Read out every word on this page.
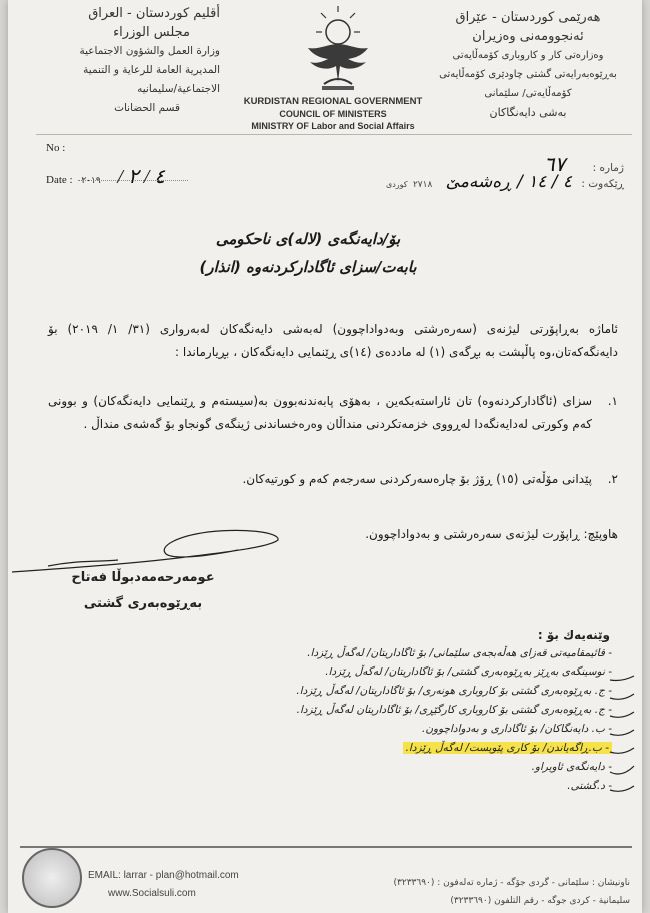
هەرێمی کوردستان - عێراق
ئەنجوومەنی وەزیران
وەزارەتی کار و کاروباری کۆمەڵایەتی
بەڕێوەبەرایەتی گشتی چاودێری کۆمەڵایەتی
کۆمەڵایەتی/ سلێمانی
بەشی دایەنگاکان
أقليم كوردستان - العراق
مجلس الوزراء
وزارة العمل والشؤون الاجتماعية
المديرية العامة للرعاية و التنمية
الاجتماعية/سليمانيه
قسم الحضانات
KURDISTAN REGIONAL GOVERNMENT
COUNCIL OF MINISTERS
MINISTRY OF Labor and Social Affairs
No :
Date : ٤ / ٢ / ٢٠١٩
ژمارە : ٦٧
ڕێکەوت : ٤ / ١٤ / ڕەشەمێ ٢٧١٨ کوردی
بۆ/دایەنگەی (لالە)ی ناحکومی
بابەت/سزای ئاگادارکردنەوە (انذار)
ئاماژە بەڕاپۆرتی لیژنەی (سەرەرشتی وبەدواداچوون) لەبەشی دایەنگەکان لەبەرواری (٣١/ ١/ ٢٠١٩) بۆ دایەنگەکەتان،وە پاڵپشت بە بڕگەی (١) لە ماددەی (١٤)ی ڕێنمایی دایەنگەکان ، بڕیارماندا :
١.
سزای (ئاگادارکردنەوە) تان ئاراستەبکەین ، بەهۆی پابەندنەبوون بە(سیستەم و ڕێنمایی دایەنگەکان) و بوونی کەم وکورتی لەدایەنگەدا لەڕووی خزمەتکردنی منداڵان وەرەخساندنی ژینگەی گونجاو بۆ گەشەی منداڵ .
٢.
پێدانی مۆڵەتی (١٥) ڕۆژ بۆ چارەسەرکردنی سەرجەم کەم و کورتیەکان.
هاوپێچ: ڕاپۆرت لیژنەی سەرەرشتی و بەدواداچوون.
عومەرحەمەدبوڵا فەتاح
بەڕێوەبەری گشتی
وێنەیەك بۆ :
- قائیمقامیەتی قەزای هەڵەبجەی سلێمانی/ بۆ ئاگاداریتان/ لەگەڵ ڕێزدا.
- نوسینگەی بەڕێز بەڕێوەبەری گشتی/ بۆ ئاگاداریتان/ لەگەڵ ڕێزدا.
- ج. بەڕێوەبەری گشتی بۆ کاروباری هونەری/ بۆ ئاگاداریتان/ لەگەڵ ڕێزدا.
- ج. بەڕێوەبەری گشتی بۆ کاروباری کارگێڕی/ بۆ ئاگاداریتان لەگەڵ ڕێزدا.
- ب. دایەنگاکان/ بۆ ئاگاداری و بەدواداچوون.
- ب.ڕاگەیاندن/ بۆ کاری پێویست/ لەگەڵ ڕێزدا.
- دایەنگەی ئاویراو.
- د.گشتی.
EMAIL: larrar - plan@hotmail.com
www.Socialsuli.com
ناونیشان : سلێمانی - گردی جۆگە - ژمارە تەلەفون : (٣٢٣٣٦٩٠)
سليمانية - كردى جوگه - رقم التلفون (٣٢٣٣٦٩٠)
